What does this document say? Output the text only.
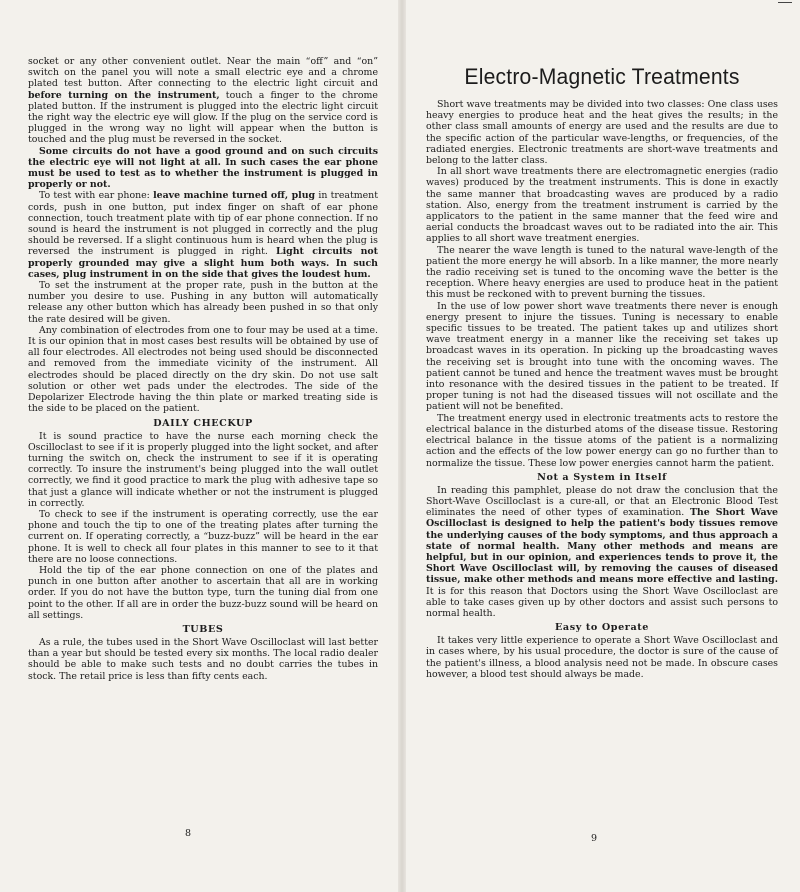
socket or any other convenient outlet. Near the main “off” and “on” switch on the panel you will note a small electric eye and a chrome plated test button. After connecting to the electric light circuit and before turning on the instrument, touch a finger to the chrome plated button. If the instrument is plugged into the electric light circuit the right way the electric eye will glow. If the plug on the service cord is plugged in the wrong way no light will appear when the button is touched and the plug must be reversed in the socket.

Some circuits do not have a good ground and on such circuits the electric eye will not light at all. In such cases the ear phone must be used to test as to whether the instrument is plugged in properly or not.

To test with ear phone: leave machine turned off, plug in treatment cords, push in one button, put index finger on shaft of ear phone connection, touch treatment plate with tip of ear phone connection. If no sound is heard the instrument is not plugged in correctly and the plug should be reversed. If a slight continuous hum is heard when the plug is reversed the instrument is plugged in right. Light circuits not properly grounded may give a slight hum both ways. In such cases, plug instrument in on the side that gives the loudest hum.

To set the instrument at the proper rate, push in the button at the number you desire to use. Pushing in any button will automatically release any other button which has already been pushed in so that only the rate desired will be given.

Any combination of electrodes from one to four may be used at a time. It is our opinion that in most cases best results will be obtained by use of all four electrodes. All electrodes not being used should be disconnected and removed from the immediate vicinity of the instrument. All electrodes should be placed directly on the dry skin. Do not use salt solution or other wet pads under the electrodes. The side of the Depolarizer Electrode having the thin plate or marked treating side is the side to be placed on the patient.

DAILY CHECKUP

It is sound practice to have the nurse each morning check the Oscilloclast to see if it is properly plugged into the light socket, and after turning the switch on, check the instrument to see if it is operating correctly. To insure the instrument's being plugged into the wall outlet correctly, we find it good practice to mark the plug with adhesive tape so that just a glance will indicate whether or not the instrument is plugged in correctly.

To check to see if the instrument is operating correctly, use the ear phone and touch the tip to one of the treating plates after turning the current on. If operating correctly, a “buzz-buzz” will be heard in the ear phone. It is well to check all four plates in this manner to see to it that there are no loose connections.

Hold the tip of the ear phone connection on one of the plates and punch in one button after another to ascertain that all are in working order. If you do not have the button type, turn the tuning dial from one point to the other. If all are in order the buzz-buzz sound will be heard on all settings.

TUBES

As a rule, the tubes used in the Short Wave Oscilloclast will last better than a year but should be tested every six months. The local radio dealer should be able to make such tests and no doubt carries the tubes in stock. The retail price is less than fifty cents each.

8
Electro-Magnetic Treatments

Short wave treatments may be divided into two classes: One class uses heavy energies to produce heat and the heat gives the results; in the other class small amounts of energy are used and the results are due to the specific action of the particular wave-lengths, or frequencies, of the radiated energies. Electronic treatments are short-wave treatments and belong to the latter class.

In all short wave treatments there are electromagnetic energies (radio waves) produced by the treatment instruments. This is done in exactly the same manner that broadcasting waves are produced by a radio station. Also, energy from the treatment instrument is carried by the applicators to the patient in the same manner that the feed wire and aerial conducts the broadcast waves out to be radiated into the air. This applies to all short wave treatment energies.

The nearer the wave length is tuned to the natural wave-length of the patient the more energy he will absorb. In a like manner, the more nearly the radio receiving set is tuned to the oncoming wave the better is the reception. Where heavy energies are used to produce heat in the patient this must be reckoned with to prevent burning the tissues.

In the use of low power short wave treatments there never is enough energy present to injure the tissues. Tuning is necessary to enable specific tissues to be treated. The patient takes up and utilizes short wave treatment energy in a manner like the receiving set takes up broadcast waves in its operation. In picking up the broadcasting waves the receiving set is brought into tune with the oncoming waves. The patient cannot be tuned and hence the treatment waves must be brought into resonance with the desired tissues in the patient to be treated. If proper tuning is not had the diseased tissues will not oscillate and the patient will not be benefited.

The treatment energy used in electronic treatments acts to restore the electrical balance in the disturbed atoms of the disease tissue. Restoring electrical balance in the tissue atoms of the patient is a normalizing action and the effects of the low power energy can go no further than to normalize the tissue. These low power energies cannot harm the patient.

Not a System in Itself

In reading this pamphlet, please do not draw the conclusion that the Short-Wave Oscilloclast is a cure-all, or that an Electronic Blood Test eliminates the need of other types of examination. The Short Wave Oscilloclast is designed to help the patient's body tissues remove the underlying causes of the body symptoms, and thus approach a state of normal health. Many other methods and means are helpful, but in our opinion, and experiences tends to prove it, the Short Wave Oscilloclast will, by removing the causes of diseased tissue, make other methods and means more effective and lasting. It is for this reason that Doctors using the Short Wave Oscilloclast are able to take cases given up by other doctors and assist such persons to normal health.

Easy to Operate

It takes very little experience to operate a Short Wave Oscilloclast and in cases where, by his usual procedure, the doctor is sure of the cause of the patient's illness, a blood analysis need not be made. In obscure cases however, a blood test should always be made.

9
